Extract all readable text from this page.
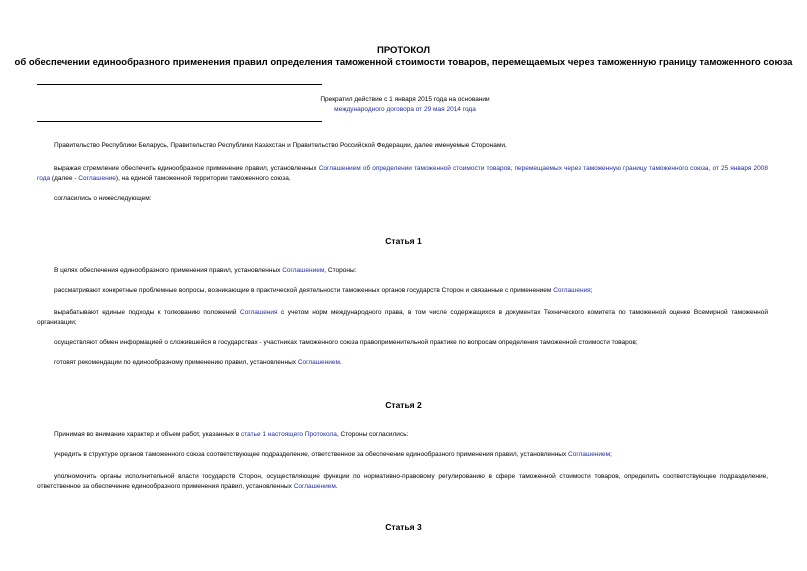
ПРОТОКОЛ
об обеспечении единообразного применения правил определения таможенной стоимости товаров, перемещаемых через таможенную границу таможенного союза
Прекратил действие с 1 января 2015 года на основании
международного договора от 29 мая 2014 года
Правительство Республики Беларусь, Правительство Республики Казахстан и Правительство Российской Федерации, далее именуемые Сторонами,
выражая стремление обеспечить единообразное применение правил, установленных Соглашением об определении таможенной стоимости товаров, перемещаемых через таможенную границу таможенного союза, от 25 января 2008 года (далее - Соглашение), на единой таможенной территории таможенного союза,
согласились о нижеследующем:
Статья 1
В целях обеспечения единообразного применения правил, установленных Соглашением, Стороны:
рассматривают конкретные проблемные вопросы, возникающие в практической деятельности таможенных органов государств Сторон и связанные с применением Соглашения;
вырабатывают единые подходы к толкованию положений Соглашения с учетом норм международного права, в том числе содержащихся в документах Технического комитета по таможенной оценке Всемирной таможенной организации;
осуществляют обмен информацией о сложившейся в государствах - участниках таможенного союза правоприменительной практике по вопросам определения таможенной стоимости товаров;
готовят рекомендации по единообразному применению правил, установленных Соглашением.
Статья 2
Принимая во внимание характер и объем работ, указанных в статье 1 настоящего Протокола, Стороны согласились:
учредить в структуре органов таможенного союза соответствующее подразделение, ответственное за обеспечение единообразного применения правил, установленных Соглашением;
уполномочить органы исполнительной власти государств Сторон, осуществляющие функции по нормативно-правовому регулированию в сфере таможенной стоимости товаров, определить соответствующее подразделение, ответственное за обеспечение единообразного применения правил, установленных Соглашением.
Статья 3
